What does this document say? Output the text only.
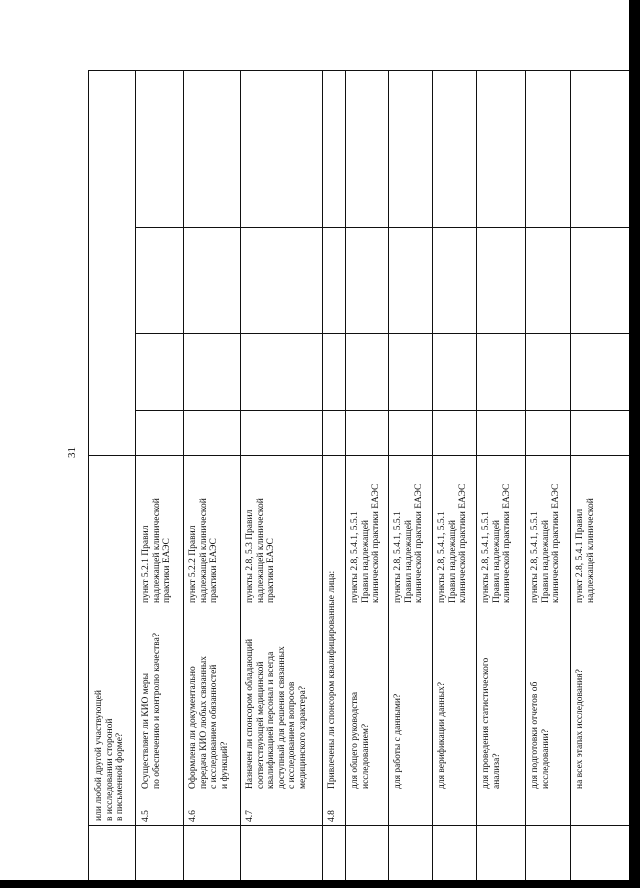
31
или любой другой участвующей
в исследовании стороной
в письменной форме?
4.5
Осуществляет ли КИО меры
по обеспечению и контролю качества?
пункт 5.2.1 Правил
надлежащей клинической
практики ЕАЭС
4.6
Оформлена ли документально
передача КИО любых связанных
с исследованием обязанностей
и функций?
пункт 5.2.2 Правил
надлежащей клинической
практики ЕАЭС
4.7
Назначен ли спонсором обладающий
соответствующей медицинской
квалификацией персонал и всегда
доступный для решения связанных
с исследованием вопросов
медицинского характера?
пункты 2.8, 5.3 Правил
надлежащей клинической
практики ЕАЭС
4.8
Привлечены ли спонсором квалифицированные лица: для общего руководства
исследованием?
пункты 2.8, 5.4.1, 5.5.1
Правил надлежащей
клинической практики ЕАЭС
для работы с данными?
пункты 2.8, 5.4.1, 5.5.1
Правил надлежащей
клинической практики ЕАЭС
для верификации данных?
пункты 2.8, 5.4.1, 5.5.1
Правил надлежащей
клинической практики ЕАЭС
для проведения статистического
анализа?
пункты 2.8, 5.4.1, 5.5.1
Правил надлежащей
клинической практики ЕАЭС
для подготовки отчетов об
исследовании?
пункты 2.8, 5.4.1, 5.5.1
Правил надлежащей
клинической практики ЕАЭС
на всех этапах исследования?
пункт 2.8, 5.4.1 Правил
надлежащей клинической
